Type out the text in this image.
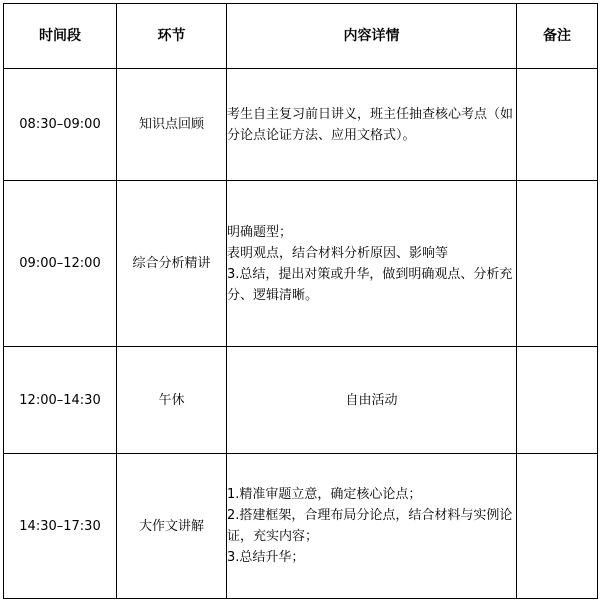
时间段	环节	内容详情	备注
08:30–09:00	知识点回顾	考生自主复习前日讲义，班主任抽查核心考点（如分论点论证方法、应用文格式）。	
09:00–12:00	综合分析精讲	明确题型；
表明观点，结合材料分析原因、影响等
3.总结，提出对策或升华，做到明确观点、分析充分、逻辑清晰。	

12:00–14:30	午休	自由活动	
14:30–17:30	大作文讲解	1.精准审题立意，确定核心论点；
2.搭建框架，合理布局分论点，结合材料与实例论证，充实内容；
3.总结升华；	
